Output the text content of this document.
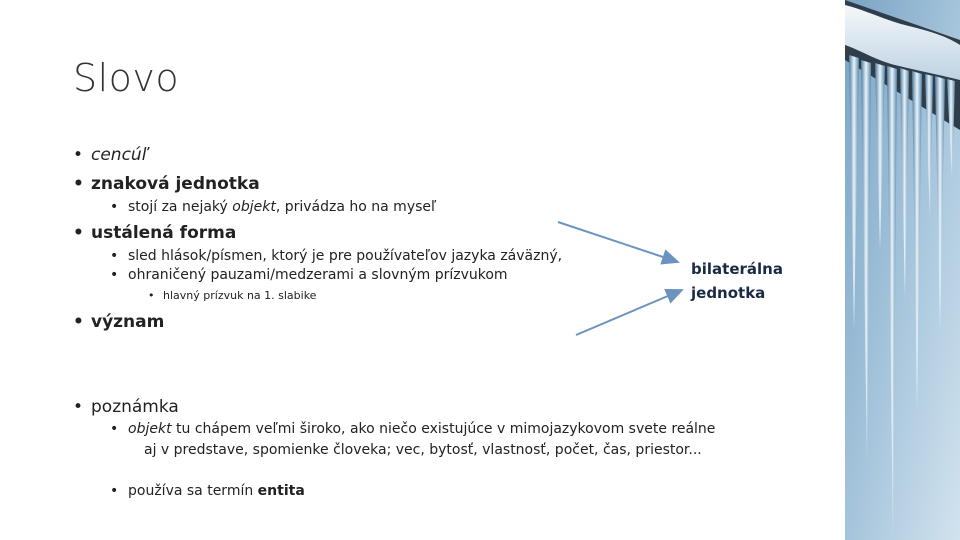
Slovo
• cencúľ
• znaková jednotka
• stojí za nejaký objekt, privádza ho na myseľ
• ustálená forma
• sled hlások/písmen, ktorý je pre používateľov jazyka záväzný,
• ohraničený pauzami/medzerami a slovným prízvukom
• hlavný prízvuk na 1. slabike
• význam
• poznámka
• objekt tu chápem veľmi široko, ako niečo existujúce v mimojazykovom svete reálne
aj v predstave, spomienke človeka; vec, bytosť, vlastnosť, počet, čas, priestor...
• používa sa termín entita
bilaterálna
jednotka
